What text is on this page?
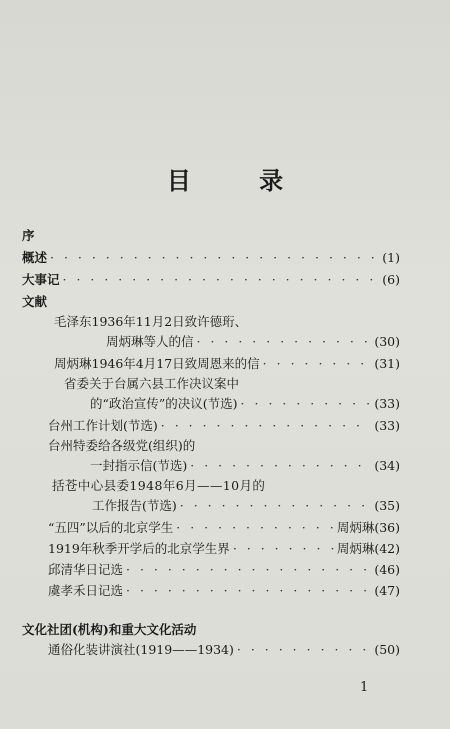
目 录
序
概述 · · ·	(1)
大事记 · · ·	(6)
文献
毛泽东1936年11月2日致许德珩、
周炳琳等人的信 · · ·	(30)
周炳琳1946年4月17日致周恩来的信 · · ·	(31)
省委关于台属六县工作决议案中
的“政治宣传”的决议(节选) · · ·	(33)
台州工作计划(节选) · · ·	(33)
台州特委给各级党(组织)的
一封指示信(节选) · · ·	(34)
括苍中心县委1948年6月——10月的
工作报告(节选) · · ·	(35)
“五四”以后的北京学生 · · ·	周炳琳 (36)
1919年秋季开学后的北京学生界 · · ·	周炳琳 (42)
邱清华日记选 · · ·	(46)
虞孝禾日记选 · · ·	(47)
文化社团(机构)和重大文化活动
通俗化装讲演社(1919——1934) · · ·	(50)
1
